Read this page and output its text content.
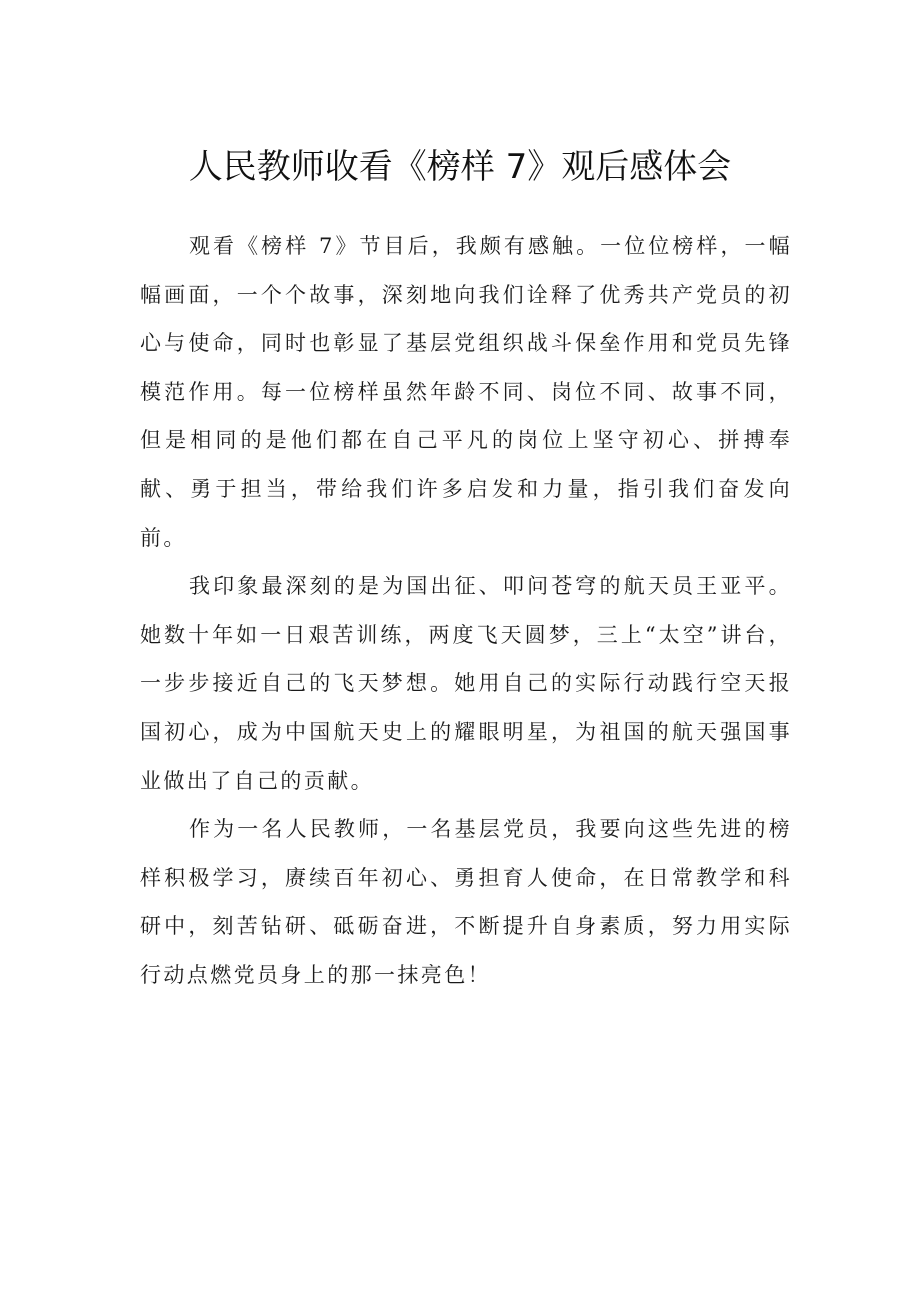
人民教师收看《榜样 7》观后感体会

观看《榜样 7》节目后，我颇有感触。一位位榜样，一幅幅画面，一个个故事，深刻地向我们诠释了优秀共产党员的初心与使命，同时也彰显了基层党组织战斗保垒作用和党员先锋模范作用。每一位榜样虽然年龄不同、岗位不同、故事不同，但是相同的是他们都在自己平凡的岗位上坚守初心、拼搏奉献、勇于担当，带给我们许多启发和力量，指引我们奋发向前。

我印象最深刻的是为国出征、叩问苍穹的航天员王亚平。她数十年如一日艰苦训练，两度飞天圆梦，三上“太空”讲台，一步步接近自己的飞天梦想。她用自己的实际行动践行空天报国初心，成为中国航天史上的耀眼明星，为祖国的航天强国事业做出了自己的贡献。

作为一名人民教师，一名基层党员，我要向这些先进的榜样积极学习，赓续百年初心、勇担育人使命，在日常教学和科研中，刻苦钻研、砥砺奋进，不断提升自身素质，努力用实际行动点燃党员身上的那一抹亮色！
